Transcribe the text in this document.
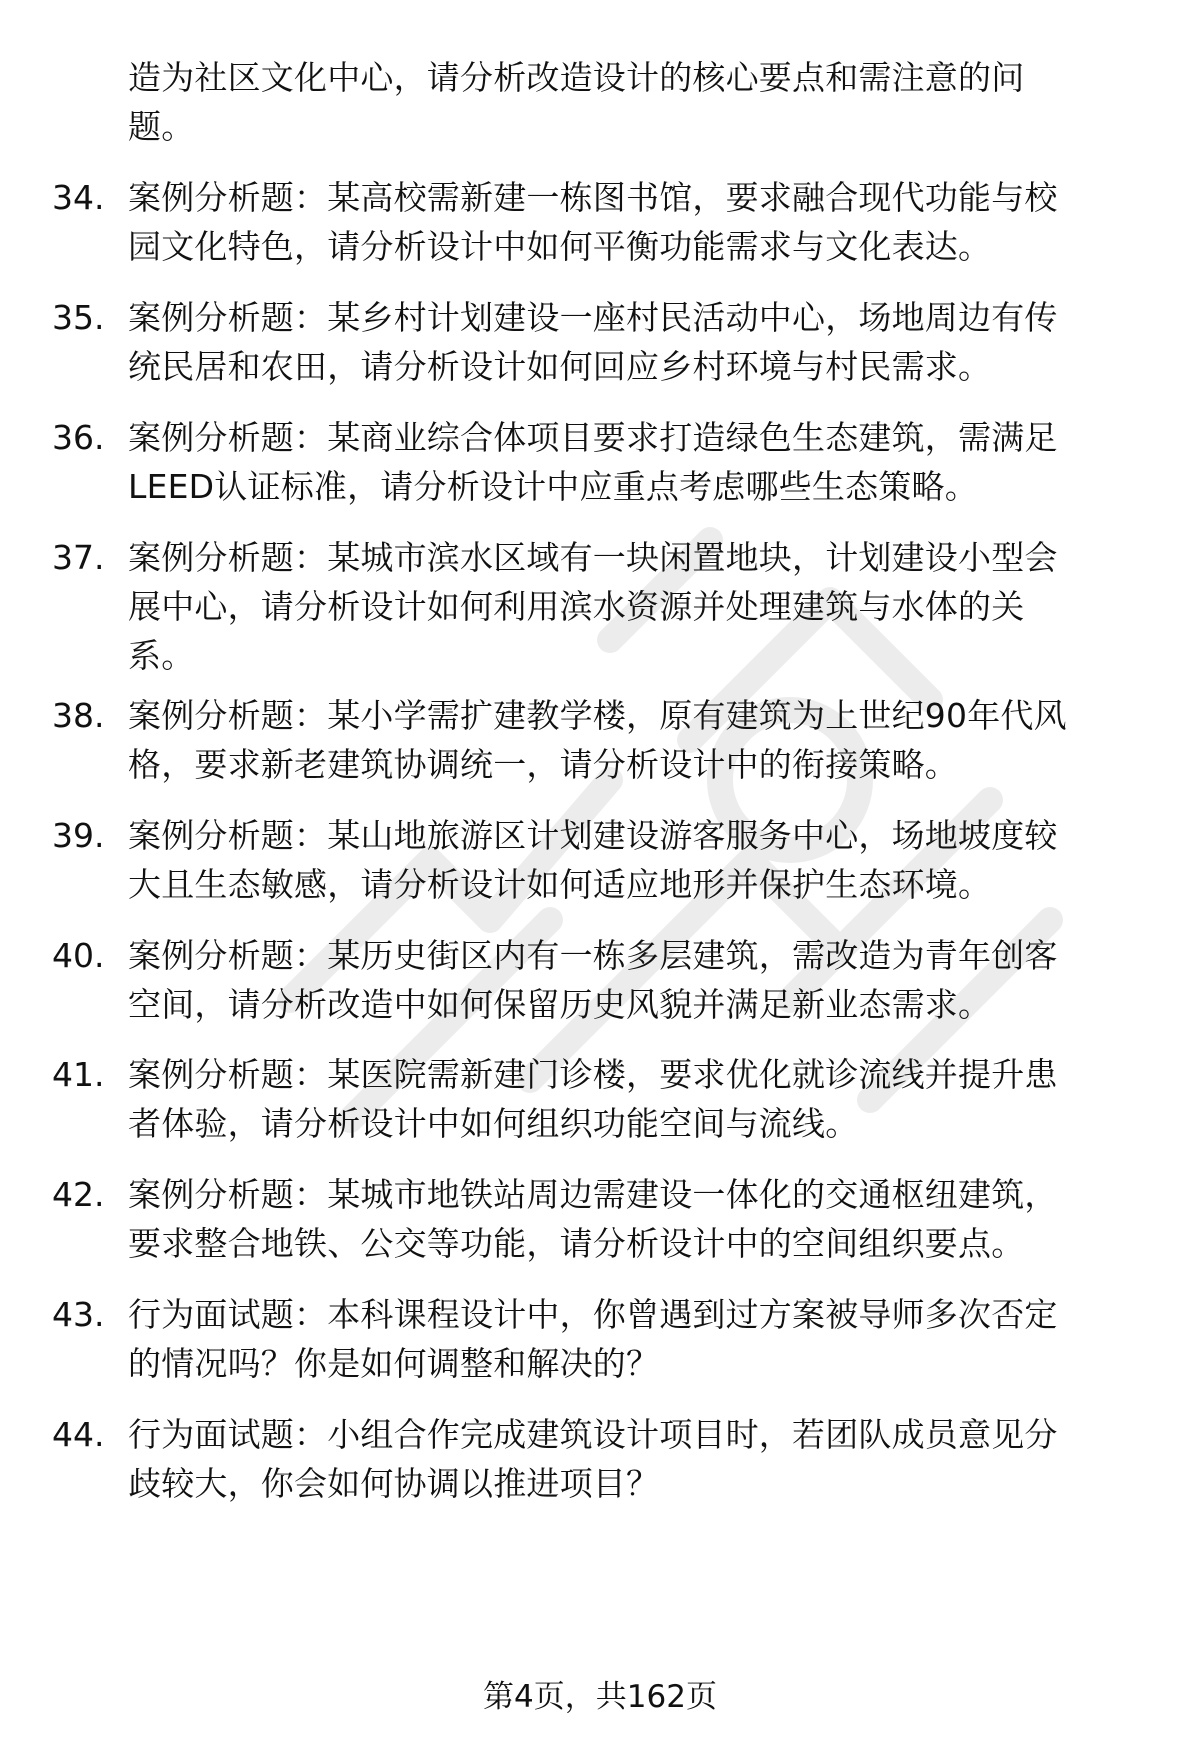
造为社区文化中心，请分析改造设计的核心要点和需注意的问
题。
34. 案例分析题：某高校需新建一栋图书馆，要求融合现代功能与校
园文化特色，请分析设计中如何平衡功能需求与文化表达。
35. 案例分析题：某乡村计划建设一座村民活动中心，场地周边有传
统民居和农田，请分析设计如何回应乡村环境与村民需求。
36. 案例分析题：某商业综合体项目要求打造绿色生态建筑，需满足
LEED认证标准，请分析设计中应重点考虑哪些生态策略。
37. 案例分析题：某城市滨水区域有一块闲置地块，计划建设小型会
展中心，请分析设计如何利用滨水资源并处理建筑与水体的关
系。
38. 案例分析题：某小学需扩建教学楼，原有建筑为上世纪90年代风
格，要求新老建筑协调统一，请分析设计中的衔接策略。
39. 案例分析题：某山地旅游区计划建设游客服务中心，场地坡度较
大且生态敏感，请分析设计如何适应地形并保护生态环境。
40. 案例分析题：某历史街区内有一栋多层建筑，需改造为青年创客
空间，请分析改造中如何保留历史风貌并满足新业态需求。
41. 案例分析题：某医院需新建门诊楼，要求优化就诊流线并提升患
者体验，请分析设计中如何组织功能空间与流线。
42. 案例分析题：某城市地铁站周边需建设一体化的交通枢纽建筑，
要求整合地铁、公交等功能，请分析设计中的空间组织要点。
43. 行为面试题：本科课程设计中，你曾遇到过方案被导师多次否定
的情况吗？你是如何调整和解决的？
44. 行为面试题：小组合作完成建筑设计项目时，若团队成员意见分
歧较大，你会如何协调以推进项目？
第4页，共162页
